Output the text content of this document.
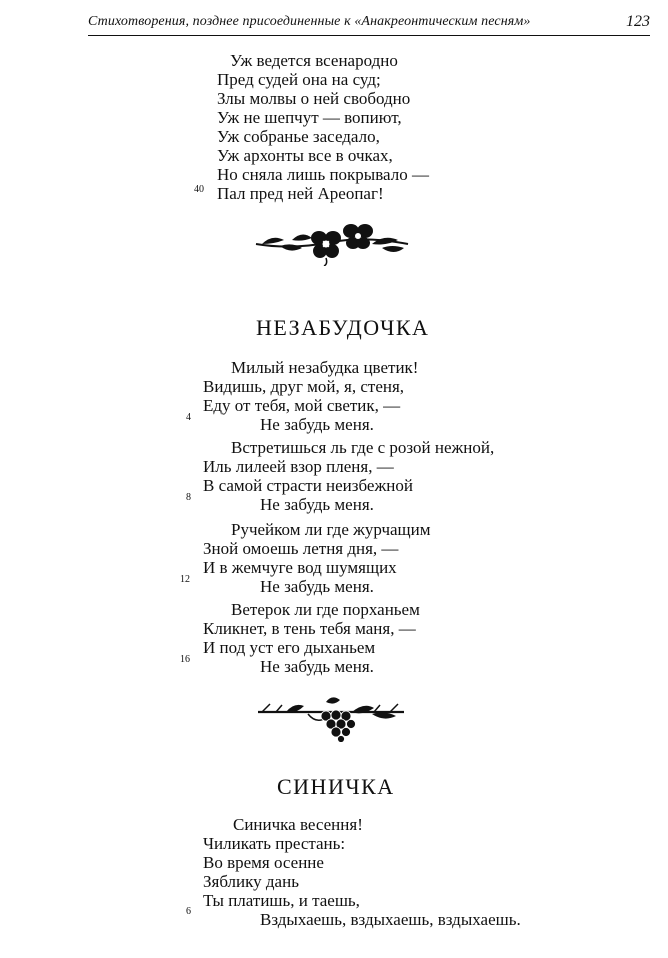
Стихотворения, позднее присоединенные к «Анакреонтическим песням»	123
Уж ведется всенародно
Пред судей она на суд;
Злы молвы о ней свободно
Уж не шепчут — вопиют,
Уж собранье заседало,
Уж архонты все в очках,
Но сняла лишь покрывало —
Пал пред ней Ареопаг!
40
НЕЗАБУДОЧКА
Милый незабудка цветик!
Видишь, друг мой, я, стеня,
Еду от тебя, мой светик, —
Не забудь меня.
4
Встретишься ль где с розой нежной,
Иль лилеей взор пленя, —
В самой страсти неизбежной
Не забудь меня.
8
Ручейком ли где журчащим
Зной омоешь летня дня, —
И в жемчуге вод шумящих
Не забудь меня.
12
Ветерок ли где порханьем
Кликнет, в тень тебя маня, —
И под уст его дыханьем
Не забудь меня.
16
СИНИЧКА
Синичка весення!
Чиликать престань:
Во время осенне
Зяблику дань
Ты платишь, и таешь,
Вздыхаешь, вздыхаешь, вздыхаешь.
6
